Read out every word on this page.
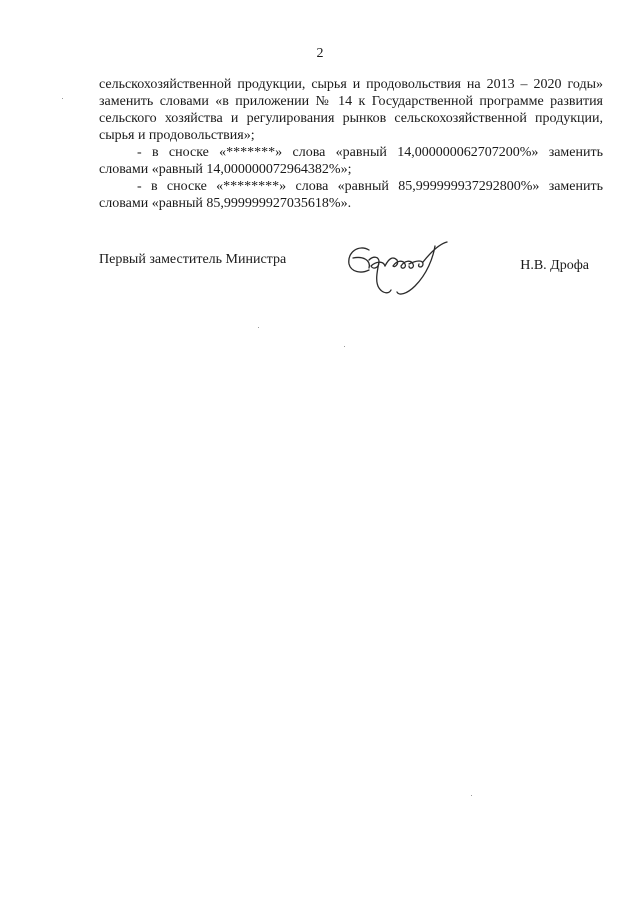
2

сельскохозяйственной продукции, сырья и продовольствия на 2013 – 2020 годы» заменить словами «в приложении № 14 к Государственной программе развития сельского хозяйства и регулирования рынков сельскохозяйственной продукции, сырья и продовольствия»;

- в сноске «*******» слова «равный 14,000000062707200%» заменить словами «равный 14,000000072964382%»;

- в сноске «********» слова «равный 85,999999937292800%» заменить словами «равный 85,999999927035618%».

Первый заместитель Министра	Н.В. Дрофа
